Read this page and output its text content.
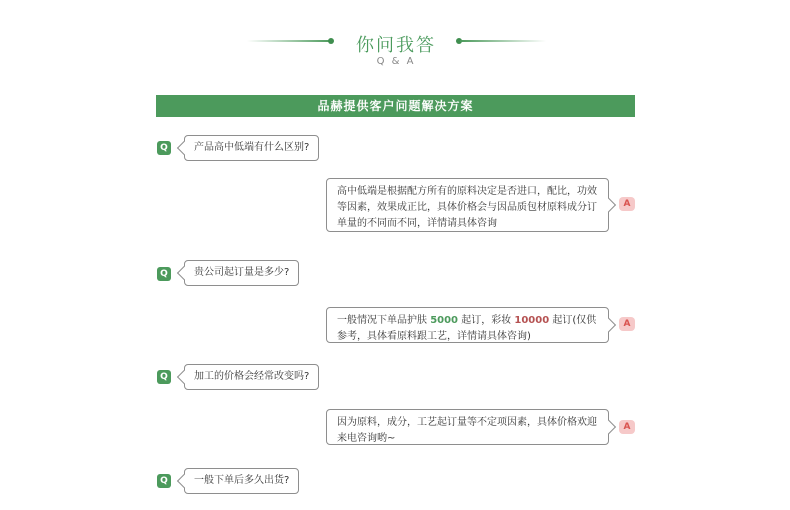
你问我答
Q & A
品赫提供客户问题解决方案
Q	产品高中低端有什么区别?
高中低端是根据配方所有的原料决定是否进口，配比，功效等因素，效果成正比，具体价格会与因品质包材原料成分订单量的不同而不同，详情请具体咨询
A
Q	贵公司起订量是多少?
一般情况下单品护肤 5000 起订，彩妆 10000 起订(仅供参考，具体看原料跟工艺，详情请具体咨询)
A
Q	加工的价格会经常改变吗?
因为原料，成分，工艺起订量等不定项因素，具体价格欢迎来电咨询哟~
A
Q	一般下单后多久出货?
